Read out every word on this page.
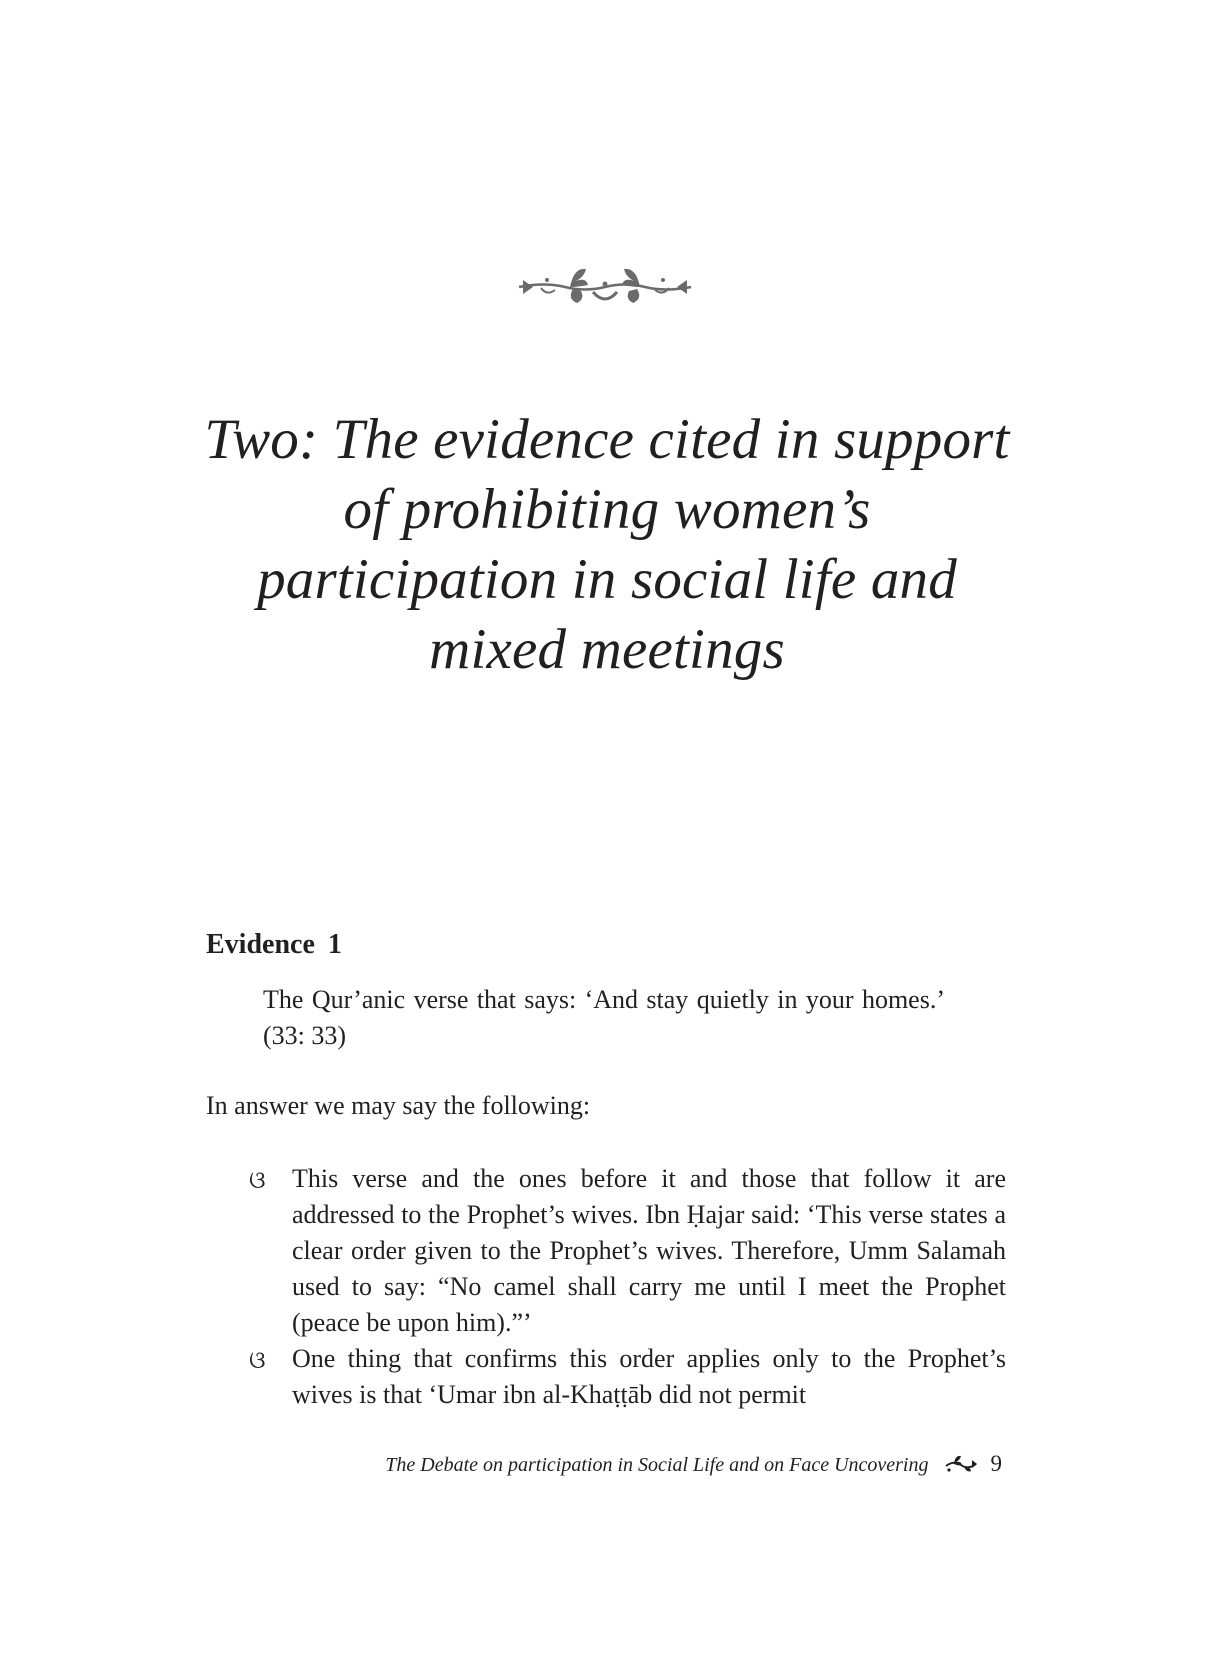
Two: The evidence cited in support of prohibiting women’s participation in social life and mixed meetings
Evidence 1

The Qur’anic verse that says: ‘And stay quietly in your homes.’ (33: 33)

In answer we may say the following:

ଓ This verse and the ones before it and those that follow it are addressed to the Prophet’s wives. Ibn Ḥajar said: ‘This verse states a clear order given to the Prophet’s wives. Therefore, Umm Salamah used to say: “No camel shall carry me until I meet the Prophet (peace be upon him).”’
ଓ One thing that confirms this order applies only to the Prophet’s wives is that ‘Umar ibn al-Khaṭṭāb did not permit
The Debate on participation in Social Life and on Face Uncovering	9
